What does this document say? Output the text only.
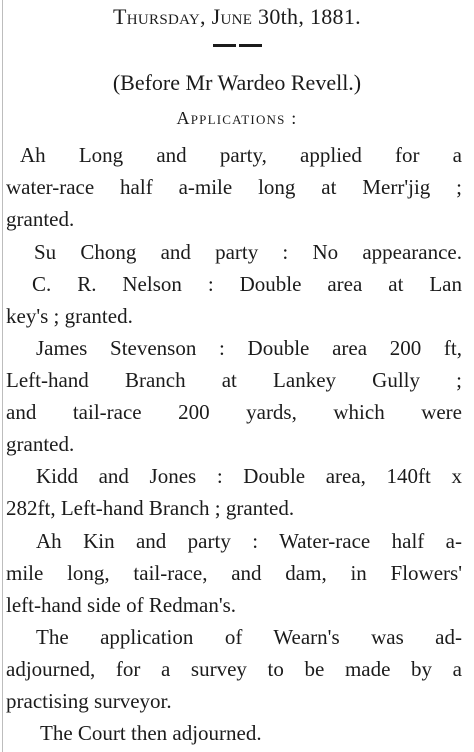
Thursday, June 30th, 1881.
(Before Mr Wardeo Revell.)
Applications :
Ah Long and party, applied for a
water-race half a-mile long at Merr'jig ;
granted.
Su Chong and party : No appearance.
C. R. Nelson : Double area at Lan
key's ; granted.
James Stevenson : Double area 200 ft,
Left-hand Branch at Lankey Gully ;
and tail-race 200 yards, which were
granted.
Kidd and Jones : Double area, 140ft x
282ft, Left-hand Branch ; granted.
Ah Kin and party : Water-race half a-
mile long, tail-race, and dam, in Flowers'
left-hand side of Redman's.
The application of Wearn's was ad-
adjourned, for a survey to be made by a
practising surveyor.
The Court then adjourned.
